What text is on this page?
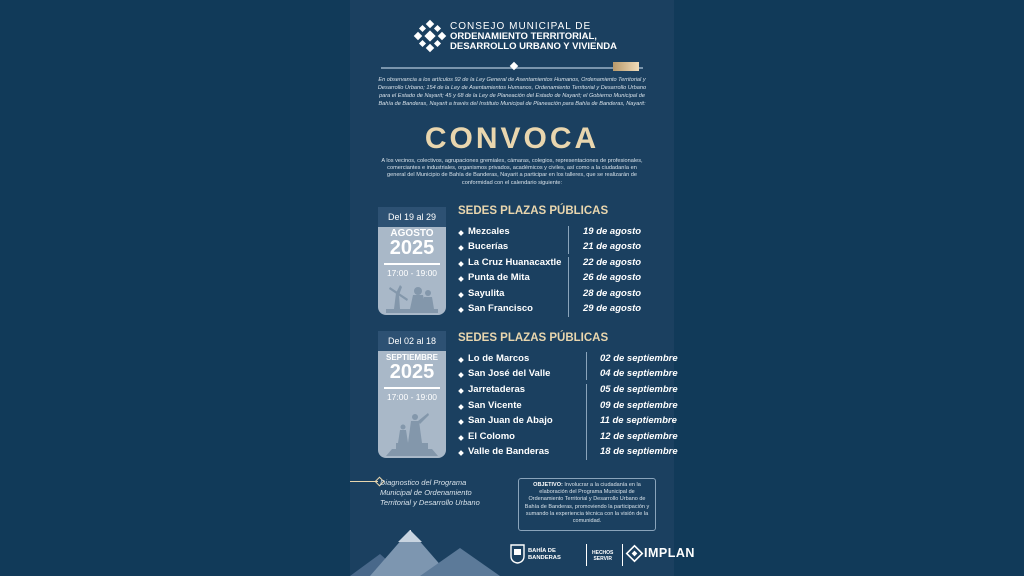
CONSEJO MUNICIPAL DE
ORDENAMIENTO TERRITORIAL,
DESARROLLO URBANO Y VIVIENDA
En observancia a los artículos 92 de la Ley General de Asentamientos Humanos, Ordenamiento Territorial y Desarrollo Urbano; 154 de la Ley de Asentamientos Humanos, Ordenamiento Territorial y Desarrollo Urbano para el Estado de Nayarit; 45 y 68 de la Ley de Planeación del Estado de Nayarit; el Gobierno Municipal de Bahía de Banderas, Nayarit a través del Instituto Municipal de Planeación para Bahía de Banderas, Nayarit:
CONVOCA
A los vecinos, colectivos, agrupaciones gremiales, cámaras, colegios, representaciones de profesionales, comerciantes e industriales, organismos privados, académicos y civiles, así como a la ciudadanía en general del Municipio de Bahía de Banderas, Nayarit a participar en los talleres, que se realizarán de conformidad con el calendario siguiente:
Del 19 al 29
AGOSTO
2025
17:00 - 19:00
Del 02 al 18
SEPTIEMBRE
2025
17:00 - 19:00
SEDES PLAZAS PÚBLICAS
SEDES PLAZAS PÚBLICAS
Mezcales	19 de agosto
Bucerías	21 de agosto
La Cruz Huanacaxtle 22 de agosto
Punta de Mita	26 de agosto
Sayulita	28 de agosto
San Francisco	29 de agosto
Lo de Marcos	02 de septiembre
San José del Valle	04 de septiembre
Jarretaderas	05 de septiembre
San Vicente	09 de septiembre
San Juan de Abajo	11 de septiembre
El Colomo	12 de septiembre
Valle de Banderas	18 de septiembre
Diagnostico del Programa Municipal de Ordenamiento Territorial y Desarrollo Urbano
OBJETIVO: Involucrar a la ciudadanía en la elaboración del Programa Municipal de Ordenamiento Territorial y Desarrollo Urbano de Bahía de Banderas, promoviendo la participación y sumando la experiencia técnica con la visión de la comunidad.
BAHÍA DE
BANDERAS
HECHOS
SERVIR	IMPLAN
